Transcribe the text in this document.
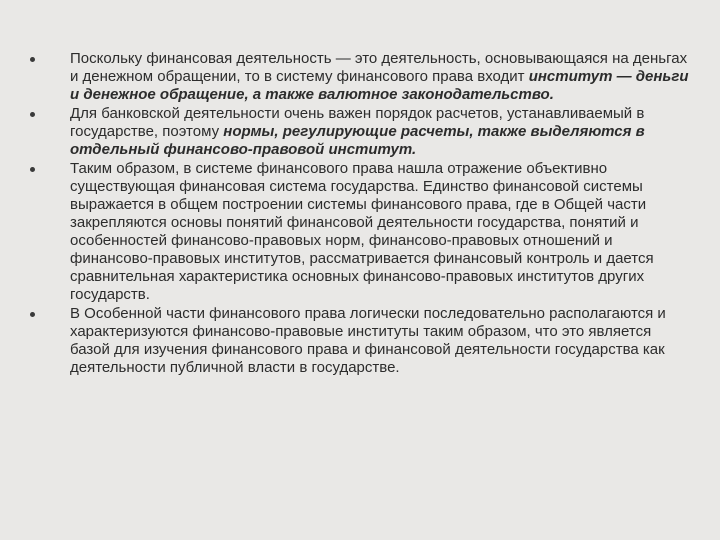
Поскольку финансовая деятельность — это деятельность, основывающаяся на деньгах и денежном обращении, то в систему финансового права входит институт — деньги и денежное обращение, а также валютное законодательство.
Для банковской деятельности очень важен порядок расчетов, устанавливаемый в государстве, поэтому нормы, регулирующие расчеты, также выделяются в отдельный финансово-правовой институт.
Таким образом, в системе финансового права нашла отражение объективно существующая финансовая система государства. Единство финансовой системы выражается в общем построении системы финансового права, где в Общей части закрепляются основы понятий финансовой деятельности государства, понятий и особенностей финансово-правовых норм, финансово-правовых отношений и финансово-правовых институтов, рассматривается финансовый контроль и дается сравнительная характеристика основных финансово-правовых институтов других государств.
В Особенной части финансового права логически последовательно располагаются и характеризуются финансово-правовые институты таким образом, что это является базой для изучения финансового права и финансовой деятельности государства как деятельности публичной власти в государстве.
